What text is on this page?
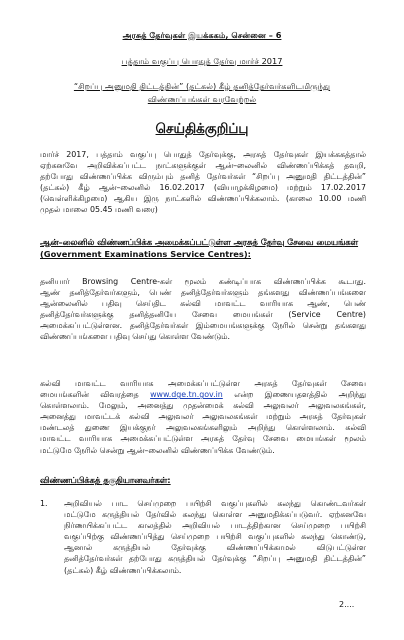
அரசுத் தேர்வுகள் இயக்ககம், சென்னை – 6
பத்தாம் வகுப்பு பொதுத் தேர்வு மார்ச் 2017
“சிறப்பு அனுமதி திட்டத்தின்” (தட்கல்) கீழ் தனித்தேர்வர்களிடமிருந்து
விண்ணப்பங்கள் வரவேற்றல்
செய்திக்குறிப்பு
மார்ச் 2017, பத்தாம் வகுப்பு பொதுத் தேர்வுக்கு, அரசுத் தேர்வுகள் இயக்ககத்தால்
ஏற்கனவே அறிவிக்கப்பட்ட நாட்களுக்குள் ஆன்–லைனில் விண்ணப்பிக்கத் தவறி,
தற்போது விண்ணப்பிக்க விரும்பும் தனித் தேர்வர்கள் “சிறப்பு அனுமதி திட்டத்தின்”
(தட்கல்) கீழ் ஆன்–லைனில் 16.02.2017 (வியாழக்கிழமை) மற்றும் 17.02.2017
(வெள்ளிக்கிழமை) ஆகிய இரு நாட்களில் விண்ணப்பிக்கலாம். (காலை 10.00 மணி
முதல் மாலை 05.45 மணி வரை)
ஆன்–லைனில் விண்ணப்பிக்க அமைக்கப்பட்டுள்ள அரசுத் தேர்வு சேவை மையங்கள்
(Government Examinations Service Centres):
தனியார் Browsing Centre-கள் மூலம் கண்டிப்பாக விண்ணப்பிக்க கூடாது.
ஆண் தனித்தேர்வர்களும், பெண் தனித்தேர்வர்களும் தங்களது விண்ணப்பங்களை
ஆன்லைனில் பதிவு செய்திட கல்வி மாவட்ட வாரியாக ஆண், பெண்
தனித்தேர்வர்களுக்கு தனித்தனியே சேவை மையங்கள் (Service Centre)
அமைக்கப்பட்டுள்ளன. தனித்தேர்வர்கள் இம்மையங்களுக்கு நேரில் சென்று தங்களது
விண்ணப்பங்களை பதிவு செய்து கொள்ள வேண்டும்.
கல்வி மாவட்ட வாரியாக அமைக்கப்பட்டுள்ள அரசுத் தேர்வுகள் சேவை
மையங்களின் விவரத்தை www.dge.tn.gov.in என்ற இணையதளத்தில் அறிந்து
கொள்ளலாம். மேலும், அனைத்து முதன்மைக் கல்வி அலுவலர் அலுவலகங்கள்,
அனைத்து மாவட்டக் கல்வி அலுவலர் அலுவலகங்கள் மற்றும் அரசுத் தேர்வுகள்
மண்டலத் துணை இயக்குநர் அலுவலகங்களிலும் அறிந்து கொள்ளலாம். கல்வி
மாவட்ட வாரியாக அமைக்கப்பட்டுள்ள அரசுத் தேர்வு சேவை மையங்கள் மூலம்
மட்டுமே நேரில் சென்று ஆன்–லைனில் விண்ணப்பிக்க வேண்டும்.
விண்ணப்பிக்கத் தகுதியானவர்கள்:
1. அறிவியல் பாட செய்முறை பயிற்சி வகுப்புகளில் கலந்து கொண்டவர்கள்
மட்டுமே கருத்தியல் தேர்வில் கலந்து கொள்ள அனுமதிக்கப்படுவர். ஏற்கனவே
நிர்ணயிக்கப்பட்ட காலத்தில் அறிவியல் பாடத்திற்கான செய்முறை பயிற்சி
வகுப்பிற்கு விண்ணப்பித்து செய்முறை பயிற்சி வகுப்புகளில் கலந்து கொண்டு,
ஆனால் கருத்தியல் தேர்வுக்கு விண்ணப்பிக்காமல் விடுபட்டுள்ள
தனித்தேர்வர்கள் தற்போது கருத்தியல் தேர்வுக்கு “சிறப்பு அனுமதி திட்டத்தின்”
(தட்கல்) கீழ் விண்ணப்பிக்கலாம்.
2....
